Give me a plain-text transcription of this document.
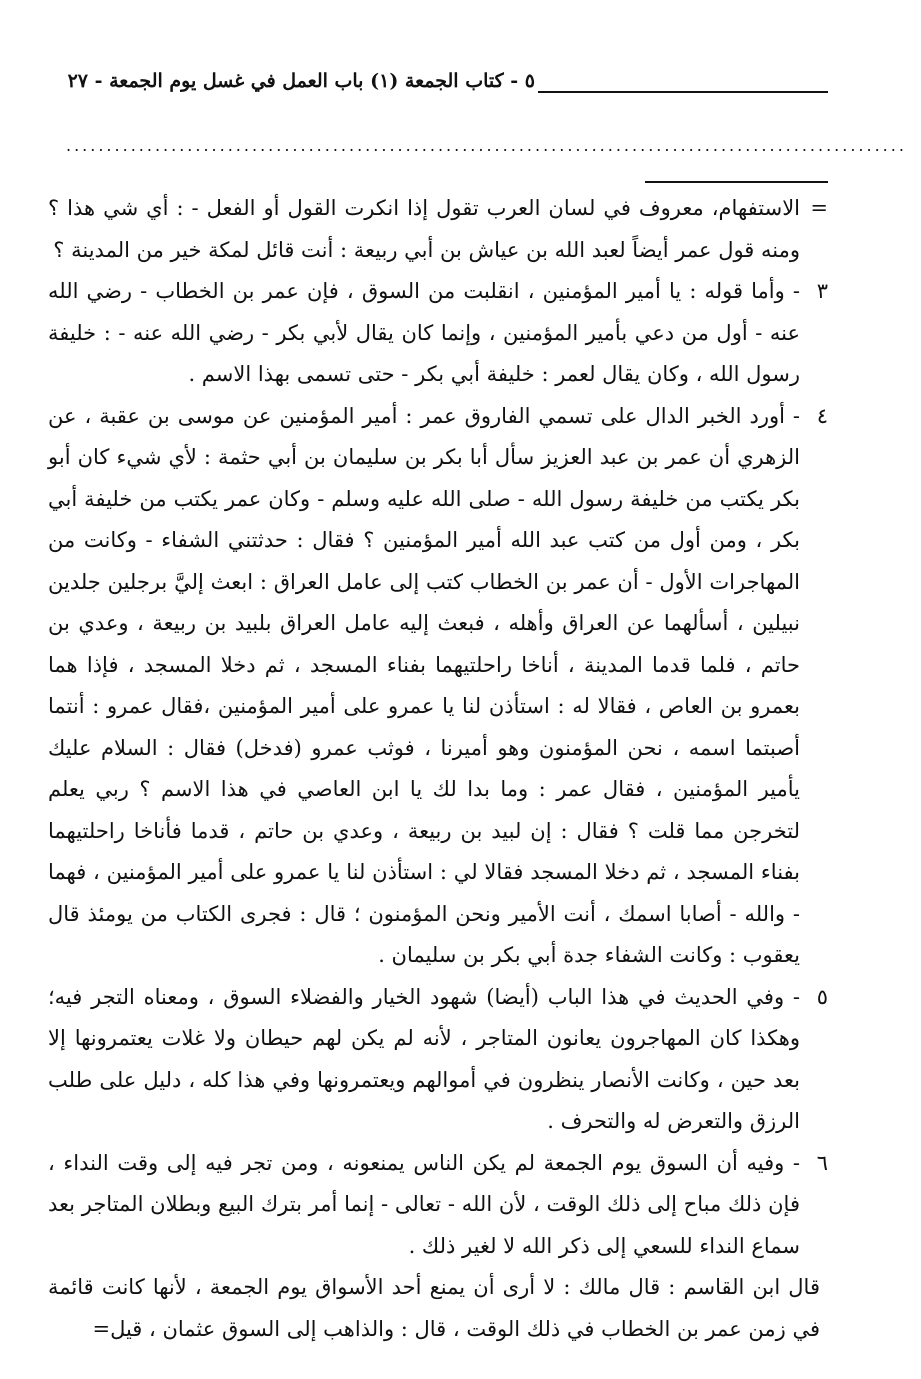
٥ - كتاب الجمعة (١) باب العمل في غسل يوم الجمعة - ٢٧
........................................................................................................

=
الاستفهام، معروف في لسان العرب تقول إذا انكرت القول أو الفعل - : أي شي هذا ؟ ومنه قول عمر أيضاً لعبد الله بن عياش بن أبي ربيعة : أنت قائل لمكة خير من المدينة ؟

٣
- وأما قوله : يا أمير المؤمنين ، انقلبت من السوق ، فإن عمر بن الخطاب - رضي الله عنه - أول من دعي بأمير المؤمنين ، وإنما كان يقال لأبي بكر - رضي الله عنه - : خليفة رسول الله ، وكان يقال لعمر : خليفة أبي بكر - حتى تسمى بهذا الاسم .

٤
- أورد الخبر الدال على تسمي الفاروق عمر : أمير المؤمنين عن موسى بن عقبة ، عن الزهري أن عمر بن عبد العزيز سأل أبا بكر بن سليمان بن أبي حثمة : لأي شيء كان أبو بكر يكتب من خليفة رسول الله - صلى الله عليه وسلم - وكان عمر يكتب من خليفة أبي بكر ، ومن أول من كتب عبد الله أمير المؤمنين ؟ فقال : حدثتني الشفاء - وكانت من المهاجرات الأول - أن عمر بن الخطاب كتب إلى عامل العراق : ابعث إليَّ برجلين جلدين نبيلين ، أسألهما عن العراق وأهله ، فبعث إليه عامل العراق بلبيد بن ربيعة ، وعدي بن حاتم ، فلما قدما المدينة ، أناخا راحلتيهما بفناء المسجد ، ثم دخلا المسجد ، فإذا هما بعمرو بن العاص ، فقالا له : استأذن لنا يا عمرو على أمير المؤمنين ،فقال عمرو : أنتما أصبتما اسمه ، نحن المؤمنون وهو أميرنا ، فوثب عمرو (فدخل) فقال : السلام عليك يأمير المؤمنين ، فقال عمر : وما بدا لك يا ابن العاصي في هذا الاسم ؟ ربي يعلم لتخرجن مما قلت ؟ فقال : إن لبيد بن ربيعة ، وعدي بن حاتم ، قدما فأناخا راحلتيهما بفناء المسجد ، ثم دخلا المسجد فقالا لي : استأذن لنا يا عمرو على أمير المؤمنين ، فهما - والله - أصابا اسمك ، أنت الأمير ونحن المؤمنون ؛ قال : فجرى الكتاب من يومئذ قال يعقوب : وكانت الشفاء جدة أبي بكر بن سليمان .

٥
- وفي الحديث في هذا الباب (أيضا) شهود الخيار والفضلاء السوق ، ومعناه التجر فيه؛ وهكذا كان المهاجرون يعانون المتاجر ، لأنه لم يكن لهم حيطان ولا غلات يعتمرونها إلا بعد حين ، وكانت الأنصار ينظرون في أموالهم ويعتمرونها وفي هذا كله ، دليل على طلب الرزق والتعرض له والتحرف .

٦
- وفيه أن السوق يوم الجمعة لم يكن الناس يمنعونه ، ومن تجر فيه إلى وقت النداء ، فإن ذلك مباح إلى ذلك الوقت ، لأن الله - تعالى - إنما أمر بترك البيع وبطلان المتاجر بعد سماع النداء للسعي إلى ذكر الله لا لغير ذلك .

قال ابن القاسم : قال مالك : لا أرى أن يمنع أحد الأسواق يوم الجمعة ، لأنها كانت قائمة في زمن عمر بن الخطاب في ذلك الوقت ، قال : والذاهب إلى السوق عثمان ، قيل=
